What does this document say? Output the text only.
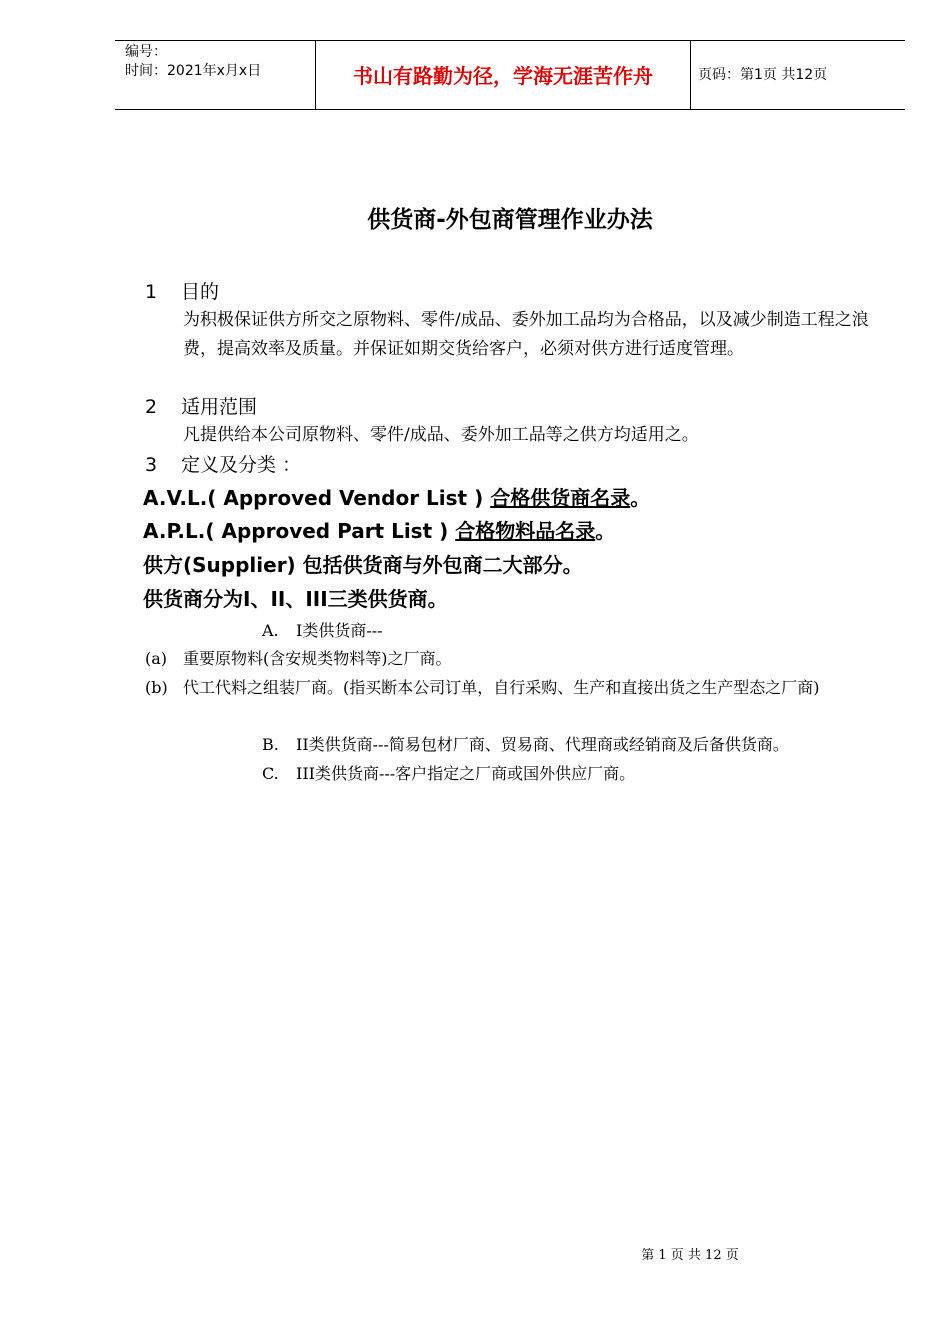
编号：
时间：2021年x月x日	书山有路勤为径，学海无涯苦作舟	页码：第1页 共12页
供货商-外包商管理作业办法
1 目的
为积极保证供方所交之原物料、零件/成品、委外加工品均为合格品，以及减少制造工程之浪费，提高效率及质量。并保证如期交货给客户，必须对供方进行适度管理。
2 适用范围
凡提供给本公司原物料、零件/成品、委外加工品等之供方均适用之。
3 定义及分类 ：
A.V.L.( Approved Vendor List ) 合格供货商名录。
A.P.L.( Approved Part List ) 合格物料品名录。
供方(Supplier) 包括供货商与外包商二大部分。
供货商分为I、II、III三类供货商。
A. I类供货商---
(a) 重要原物料(含安规类物料等)之厂商。
(b) 代工代料之组装厂商。(指买断本公司订单，自行采购、生产和直接出货之生产型态之厂商)
B. II类供货商---简易包材厂商、贸易商、代理商或经销商及后备供货商。
C. III类供货商---客户指定之厂商或国外供应厂商。
第 1 页 共 12 页
